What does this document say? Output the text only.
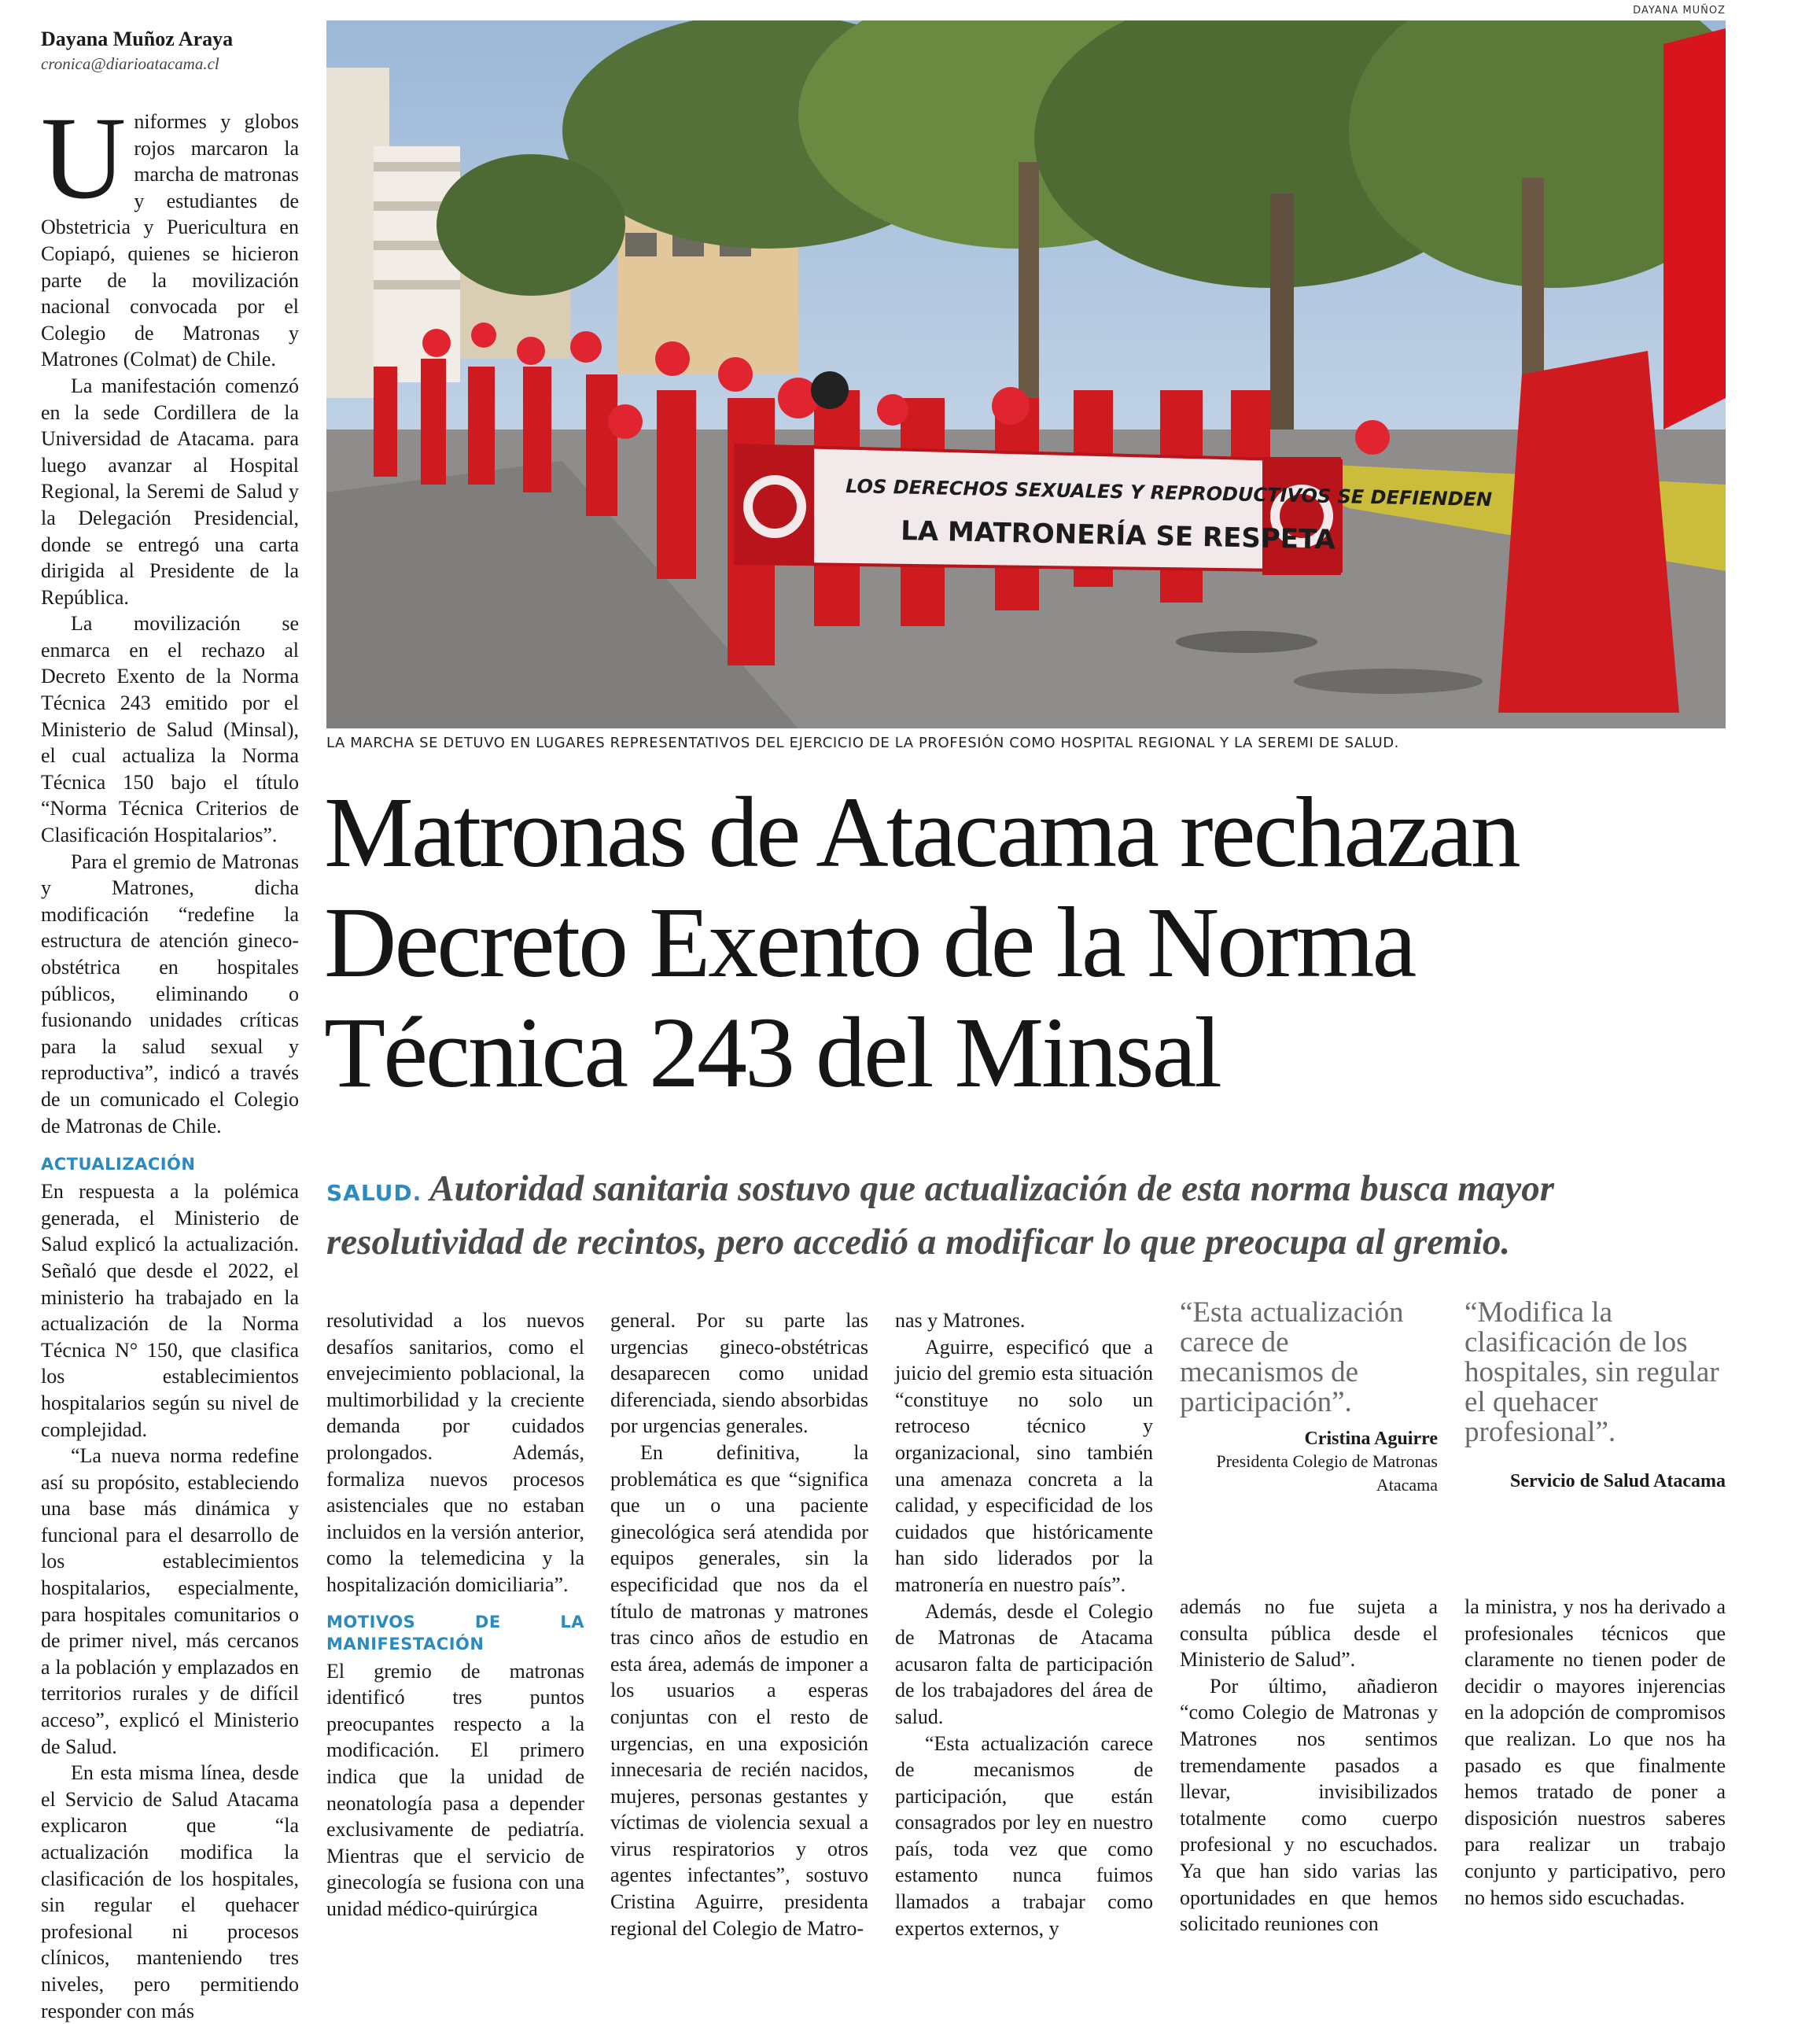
Dayana Muñoz Araya
cronica@diarioatacama.cl

Uniformes y globos rojos marcaron la marcha de matronas y estudiantes de Obstetricia y Puericultura en Copiapó, quienes se hicieron parte de la movilización nacional convocada por el Colegio de Matronas y Matrones (Colmat) de Chile.

La manifestación comenzó en la sede Cordillera de la Universidad de Atacama. para luego avanzar al Hospital Regional, la Seremi de Salud y la Delegación Presidencial, donde se entregó una carta dirigida al Presidente de la República.

La movilización se enmarca en el rechazo al Decreto Exento de la Norma Técnica 243 emitido por el Ministerio de Salud (Minsal), el cual actualiza la Norma Técnica 150 bajo el título “Norma Técnica Criterios de Clasificación Hospitalarios”.

Para el gremio de Matronas y Matrones, dicha modificación “redefine la estructura de atención gineco-obstétrica en hospitales públicos, eliminando o fusionando unidades críticas para la salud sexual y reproductiva”, indicó a través de un comunicado el Colegio de Matronas de Chile.

ACTUALIZACIÓN

En respuesta a la polémica generada, el Ministerio de Salud explicó la actualización. Señaló que desde el 2022, el ministerio ha trabajado en la actualización de la Norma Técnica N° 150, que clasifica los establecimientos hospitalarios según su nivel de complejidad.

“La nueva norma redefine así su propósito, estableciendo una base más dinámica y funcional para el desarrollo de los establecimientos hospitalarios, especialmente, para hospitales comunitarios o de primer nivel, más cercanos a la población y emplazados en territorios rurales y de difícil acceso”, explicó el Ministerio de Salud.

En esta misma línea, desde el Servicio de Salud Atacama explicaron que “la actualización modifica la clasificación de los hospitales, sin regular el quehacer profesional ni procesos clínicos, manteniendo tres niveles, pero permitiendo responder con más

DAYANA MUÑOZ
LOS DERECHOS SEXUALES Y REPRODUCTIVOS SE DEFIENDEN
LA MATRONERÍA SE RESPETA
LA MARCHA SE DETUVO EN LUGARES REPRESENTATIVOS DEL EJERCICIO DE LA PROFESIÓN COMO HOSPITAL REGIONAL Y LA SEREMI DE SALUD.
Matronas de Atacama rechazan
Decreto Exento de la Norma
Técnica 243 del Minsal
SALUD. Autoridad sanitaria sostuvo que actualización de esta norma busca mayor resolutividad de recintos, pero accedió a modificar lo que preocupa al gremio.

resolutividad a los nuevos desafíos sanitarios, como el envejecimiento poblacional, la multimorbilidad y la creciente demanda por cuidados prolongados. Además, formaliza nuevos procesos asistenciales que no estaban incluidos en la versión anterior, como la telemedicina y la hospitalización domiciliaria”.

MOTIVOS DE LA MANIFESTACIÓN

El gremio de matronas identificó tres puntos preocupantes respecto a la modificación. El primero indica que la unidad de neonatología pasa a depender exclusivamente de pediatría. Mientras que el servicio de ginecología se fusiona con una unidad médico-quirúrgica

general. Por su parte las urgencias gineco-obstétricas desaparecen como unidad diferenciada, siendo absorbidas por urgencias generales.

En definitiva, la problemática es que “significa que un o una paciente ginecológica será atendida por equipos generales, sin la especificidad que nos da el título de matronas y matrones tras cinco años de estudio en esta área, además de imponer a los usuarios a esperas conjuntas con el resto de urgencias, en una exposición innecesaria de recién nacidos, mujeres, personas gestantes y víctimas de violencia sexual a virus respiratorios y otros agentes infectantes”, sostuvo Cristina Aguirre, presidenta regional del Colegio de Matro-

nas y Matrones.

Aguirre, especificó que a juicio del gremio esta situación “constituye no solo un retroceso técnico y organizacional, sino también una amenaza concreta a la calidad, y especificidad de los cuidados que históricamente han sido liderados por la matronería en nuestro país”.

Además, desde el Colegio de Matronas de Atacama acusaron falta de participación de los trabajadores del área de salud.

“Esta actualización carece de mecanismos de participación, que están consagrados por ley en nuestro país, toda vez que como estamento nunca fuimos llamados a trabajar como expertos externos, y

“Esta actualización carece de mecanismos de participación”.

Cristina Aguirre

Presidenta Colegio de Matronas Atacama

“Modifica la clasificación de los hospitales, sin regular el quehacer profesional”.

Servicio de Salud Atacama

además no fue sujeta a consulta pública desde el Ministerio de Salud”.

Por último, añadieron “como Colegio de Matronas y Matrones nos sentimos tremendamente pasados a llevar, invisibilizados totalmente como cuerpo profesional y no escuchados. Ya que han sido varias las oportunidades en que hemos solicitado reuniones con

la ministra, y nos ha derivado a profesionales técnicos que claramente no tienen poder de decidir o mayores injerencias en la adopción de compromisos que realizan. Lo que nos ha pasado es que finalmente hemos tratado de poner a disposición nuestros saberes para realizar un trabajo conjunto y participativo, pero no hemos sido escuchadas.
